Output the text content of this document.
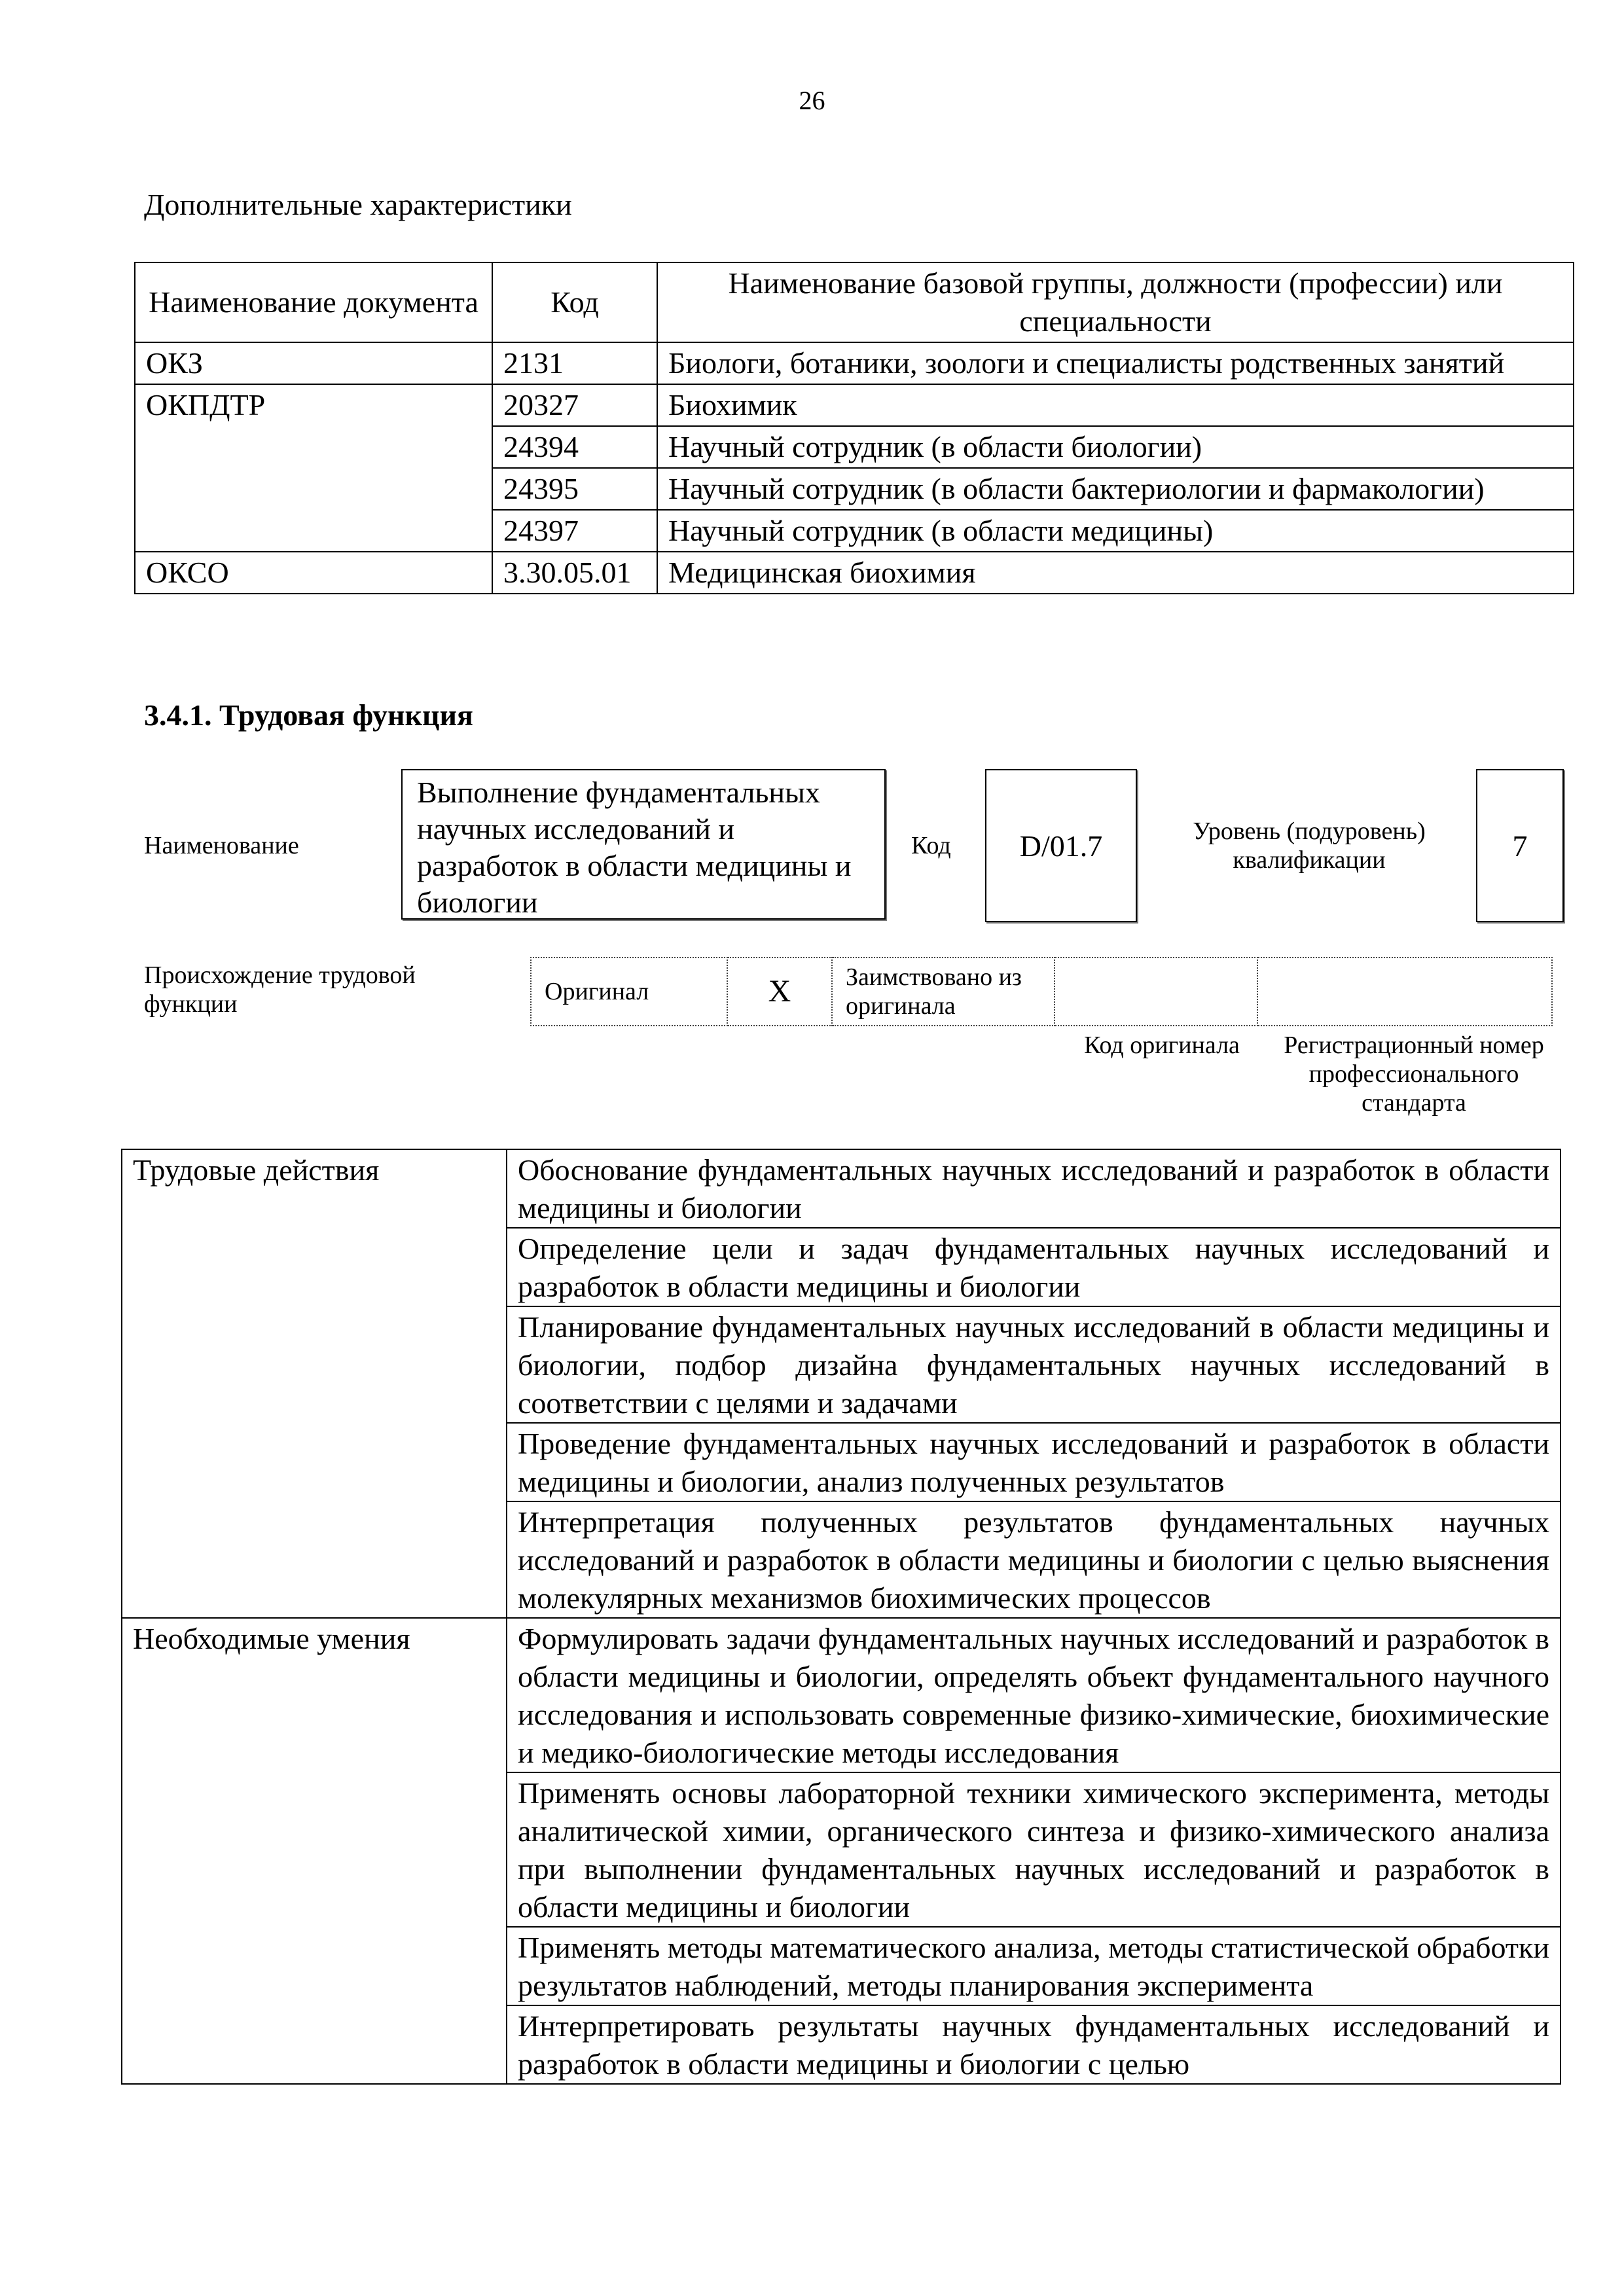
26
Дополнительные характеристики
Наименование документа	Код	Наименование базовой группы, должности (профессии) или специальности
ОКЗ	2131	Биологи, ботаники, зоологи и специалисты родственных занятий
ОКПДТР	20327	Биохимик
	24394	Научный сотрудник (в области биологии)
	24395	Научный сотрудник (в области бактериологии и фармакологии)
	24397	Научный сотрудник (в области медицины)
ОКСО	3.30.05.01	Медицинская биохимия
3.4.1. Трудовая функция
Наименование
Выполнение фундаментальных научных исследований и разработок в области медицины и биологии
Код	D/01.7	Уровень (подуровень) квалификации	7
Происхождение трудовой функции	Оригинал	X	Заимствовано из оригинала		
Код оригинала	Регистрационный номер профессионального стандарта
Трудовые действия	Обоснование фундаментальных научных исследований и разработок в области медицины и биологии
	Определение цели и задач фундаментальных научных исследований и разработок в области медицины и биологии
	Планирование фундаментальных научных исследований в области медицины и биологии, подбор дизайна фундаментальных научных исследований в соответствии с целями и задачами
	Проведение фундаментальных научных исследований и разработок в области медицины и биологии, анализ полученных результатов
	Интерпретация полученных результатов фундаментальных научных исследований и разработок в области медицины и биологии с целью выяснения молекулярных механизмов биохимических процессов
Необходимые умения	Формулировать задачи фундаментальных научных исследований и разработок в области медицины и биологии, определять объект фундаментального научного исследования и использовать современные физико-химические, биохимические и медико-биологические методы исследования
	Применять основы лабораторной техники химического эксперимента, методы аналитической химии, органического синтеза и физико-химического анализа при выполнении фундаментальных научных исследований и разработок в области медицины и биологии
	Применять методы математического анализа, методы статистической обработки результатов наблюдений, методы планирования эксперимента
	Интерпретировать результаты научных фундаментальных исследований и разработок в области медицины и биологии с целью
